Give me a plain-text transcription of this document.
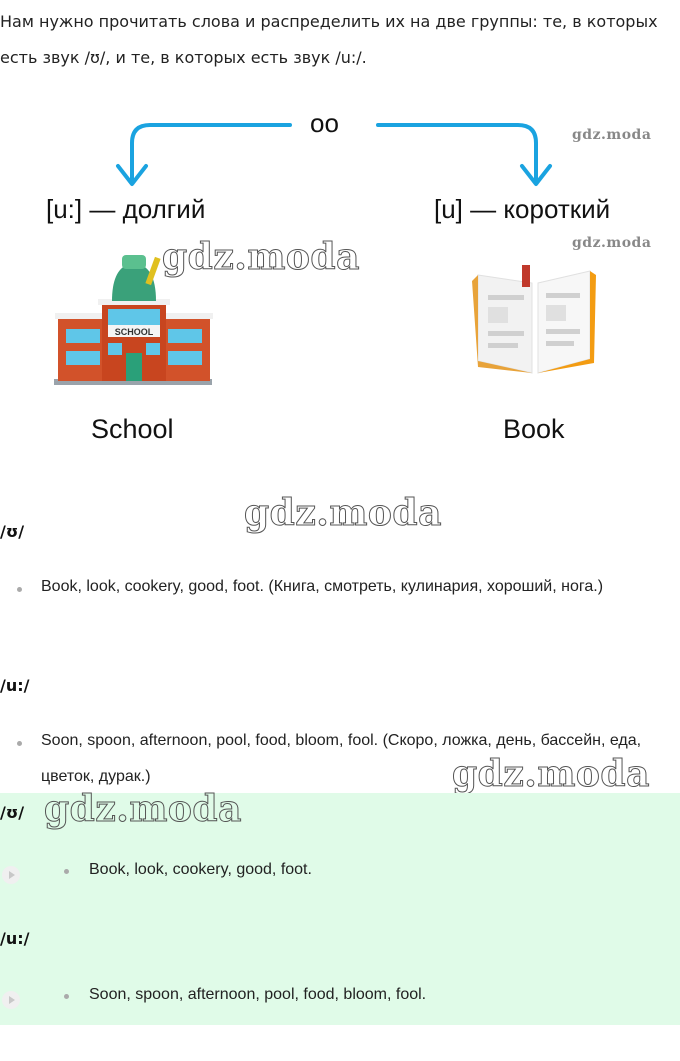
Нам нужно прочитать слова и распределить их на две группы: те, в которых есть звук /ʊ/, и те, в которых есть звук /u:/.
oo
[u:] — долгий	[u] — короткий
SCHOOL
School	Book
gdz.moda
gdz.moda
gdz.moda
gdz.moda
gdz.moda
/ʊ/
Book, look, cookery, good, foot. (Книга, смотреть, кулинария, хороший, нога.)
/u:/
Soon, spoon, afternoon, pool, food, bloom, fool. (Скоро, ложка, день, бассейн, еда, цветок, дурак.)
/ʊ/
Book, look, cookery, good, foot.
/u:/
Soon, spoon, afternoon, pool, food, bloom, fool.
